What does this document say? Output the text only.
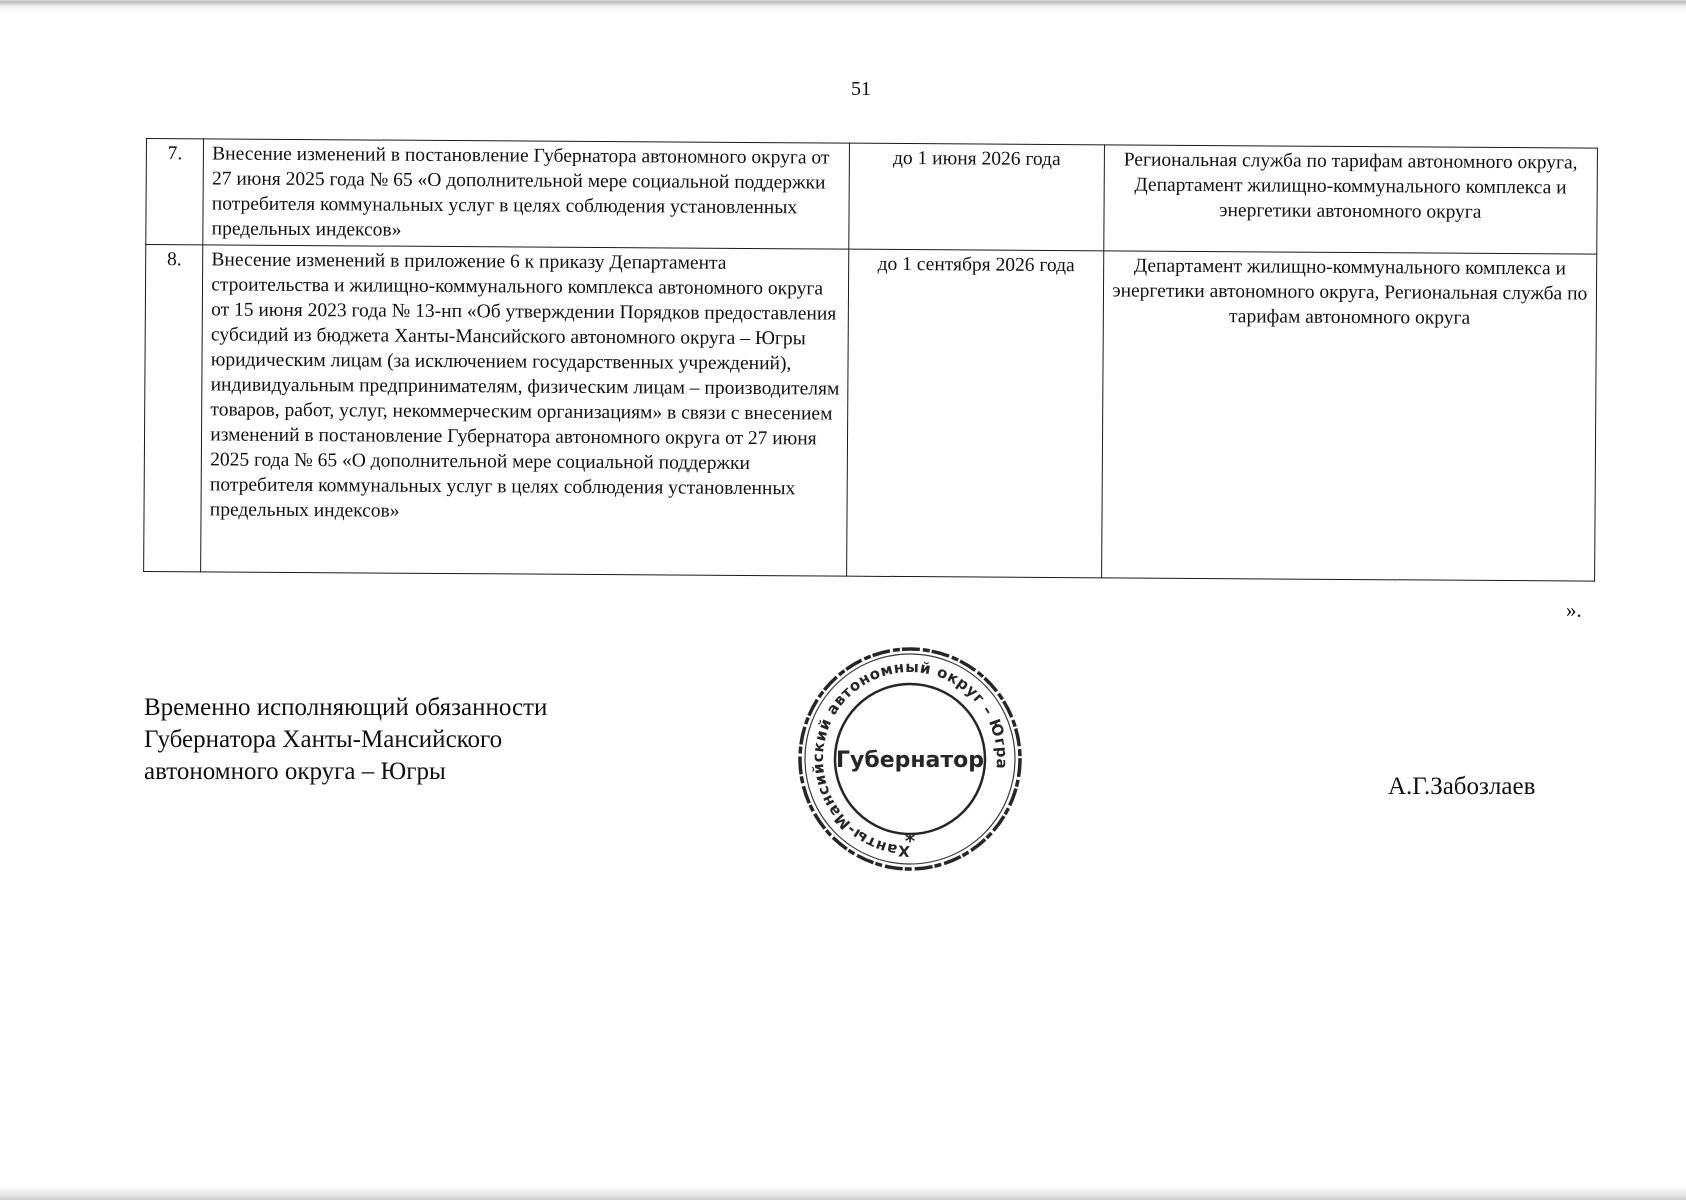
51
7.	Внесение изменений в постановление Губернатора автономного округа от 27 июня 2025 года № 65 «О дополнительной мере социальной поддержки потребителя коммунальных услуг в целях соблюдения установленных предельных индексов»	до 1 июня 2026 года	Региональная служба по тарифам автономного округа, Департамент жилищно-коммунального комплекса и энергетики автономного округа
8.	Внесение изменений в приложение 6 к приказу Департамента строительства и жилищно-коммунального комплекса автономного округа от 15 июня 2023 года № 13-нп «Об утверждении Порядков предоставления субсидий из бюджета Ханты-Мансийского автономного округа – Югры юридическим лицам (за исключением государственных учреждений), индивидуальным предпринимателям, физическим лицам – производителям товаров, работ, услуг, некоммерческим организациям» в связи с внесением изменений в постановление Губернатора автономного округа от 27 июня 2025 года № 65 «О дополнительной мере социальной поддержки потребителя коммунальных услуг в целях соблюдения установленных предельных индексов»	до 1 сентября 2026 года	Департамент жилищно-коммунального комплекса и энергетики автономного округа, Региональная служба по тарифам автономного округа
».
Временно исполняющий обязанности
Губернатора Ханты-Мансийского
автономного округа – Югры
Ханты-Мансийский автономный округ – Югра
Губернатор
*
А.Г.Забозлаев
